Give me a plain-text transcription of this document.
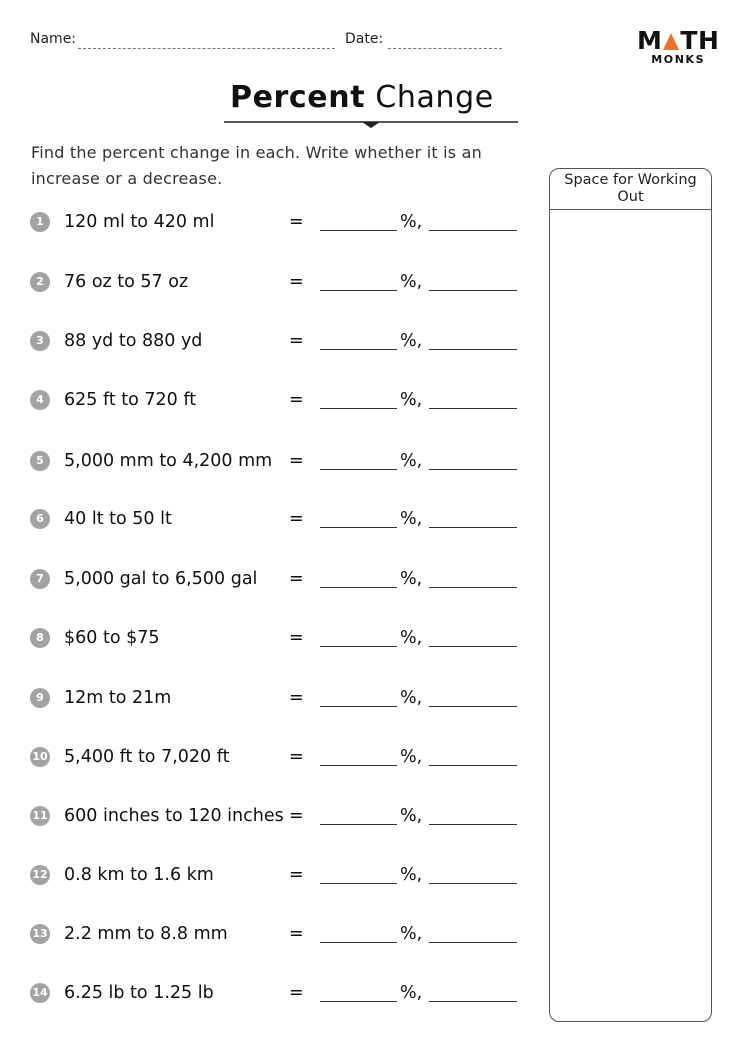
Name:	Date:	M TH
MONKS
Percent Change
Find the percent change in each. Write whether it is an increase or a decrease.	Space for Working Out
1	120 ml to 420 ml	=	%,
2	76 oz to 57 oz	=	%,
3	88 yd to 880 yd	=	%,
4	625 ft to 720 ft	=	%,
5	5,000 mm to 4,200 mm =	%,
6	40 lt to 50 lt	=	%,
7	5,000 gal to 6,500 gal =	%,
8	$60 to $75	=	%,
9	12m to 21m	=	%,
10 5,400 ft to 7,020 ft	=	%,
11 600 inches to 120 inches =	%,
12 0.8 km to 1.6 km	=	%,
13 2.2 mm to 8.8 mm	=	%,
14 6.25 lb to 1.25 lb	=	%,
